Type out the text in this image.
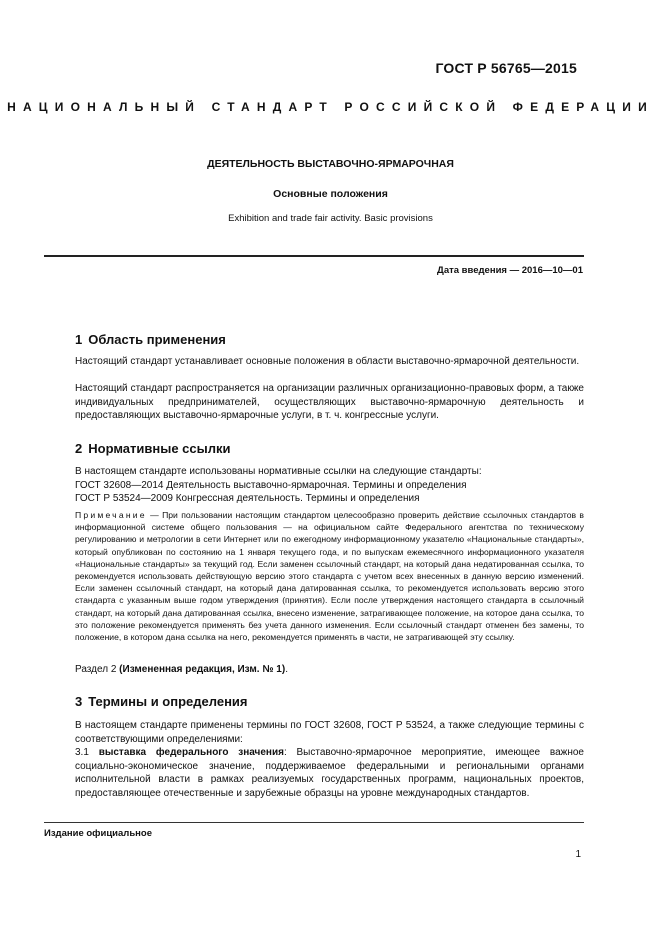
ГОСТ Р 56765—2015
НАЦИОНАЛЬНЫЙ СТАНДАРТ РОССИЙСКОЙ ФЕДЕРАЦИИ
ДЕЯТЕЛЬНОСТЬ ВЫСТАВОЧНО-ЯРМАРОЧНАЯ
Основные положения
Exhibition and trade fair activity. Basic provisions
Дата введения — 2016—10—01
1 Область применения
Настоящий стандарт устанавливает основные положения в области выставочно-ярмарочной деятельности.
Настоящий стандарт распространяется на организации различных организационно-правовых форм, а также индивидуальных предпринимателей, осуществляющих выставочно-ярмарочную деятельность и предоставляющих выставочно-ярмарочные услуги, в т. ч. конгрессные услуги.
2 Нормативные ссылки
В настоящем стандарте использованы нормативные ссылки на следующие стандарты:
ГОСТ 32608—2014 Деятельность выставочно-ярмарочная. Термины и определения
ГОСТ Р 53524—2009 Конгрессная деятельность. Термины и определения
Примечание — При пользовании настоящим стандартом целесообразно проверить действие ссылочных стандартов в информационной системе общего пользования — на официальном сайте Федерального агентства по техническому регулированию и метрологии в сети Интернет или по ежегодному информационному указателю «Национальные стандарты», который опубликован по состоянию на 1 января текущего года, и по выпускам ежемесячного информационного указателя «Национальные стандарты» за текущий год. Если заменен ссылочный стандарт, на который дана недатированная ссылка, то рекомендуется использовать действующую версию этого стандарта с учетом всех внесенных в данную версию изменений. Если заменен ссылочный стандарт, на который дана датированная ссылка, то рекомендуется использовать версию этого стандарта с указанным выше годом утверждения (принятия). Если после утверждения настоящего стандарта в ссылочный стандарт, на который дана датированная ссылка, внесено изменение, затрагивающее положение, на которое дана ссылка, то это положение рекомендуется применять без учета данного изменения. Если ссылочный стандарт отменен без замены, то положение, в котором дана ссылка на него, рекомендуется применять в части, не затрагивающей эту ссылку.
Раздел 2 (Измененная редакция, Изм. № 1).
3 Термины и определения
В настоящем стандарте применены термины по ГОСТ 32608, ГОСТ Р 53524, а также следующие термины с соответствующими определениями:
3.1 выставка федерального значения: Выставочно-ярмарочное мероприятие, имеющее важное социально-экономическое значение, поддерживаемое федеральными и региональными органами исполнительной власти в рамках реализуемых государственных программ, национальных проектов, предоставляющее отечественные и зарубежные образцы на уровне международных стандартов.
Издание официальное
1
